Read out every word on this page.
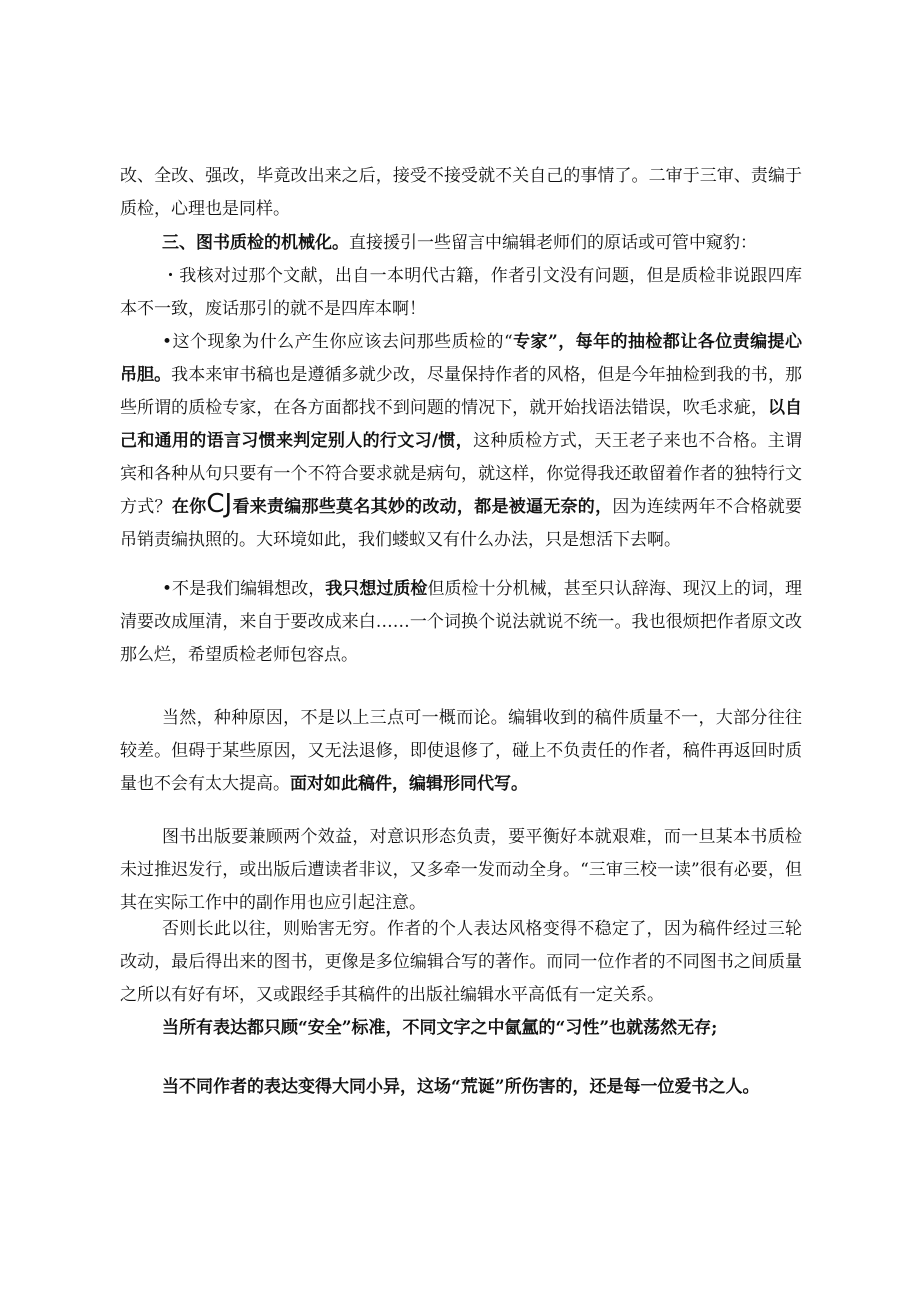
改、全改、强改，毕竟改出来之后，接受不接受就不关自己的事情了。二审于三审、责编于质检，心理也是同样。

三、图书质检的机械化。直接援引一些留言中编辑老师们的原话或可管中窥豹：

・我核对过那个文献，出自一本明代古籍，作者引文没有问题，但是质检非说跟四库本不一致，废话那引的就不是四库本啊！

•这个现象为什么产生你应该去问那些质检的“专家”，每年的抽检都让各位责编提心吊胆。我本来审书稿也是遵循多就少改，尽量保持作者的风格，但是今年抽检到我的书，那些所谓的质检专家，在各方面都找不到问题的情况下，就开始找语法错误，吹毛求疵，以自己和通用的语言习惯来判定别人的行文习/惯，这种质检方式，天王老子来也不合格。主谓宾和各种从句只要有一个不符合要求就是病句，就这样，你觉得我还敢留着作者的独特行文方式？在你CJ看来责编那些莫名其妙的改动，都是被逼无奈的，因为连续两年不合格就要吊销责编执照的。大环境如此，我们蝼蚁又有什么办法，只是想活下去啊。

•不是我们编辑想改，我只想过质检但质检十分机械，甚至只认辞海、现汉上的词，理清要改成厘清，来自于要改成来白……一个词换个说法就说不统一。我也很烦把作者原文改那么烂，希望质检老师包容点。

当然，种种原因，不是以上三点可一概而论。编辑收到的稿件质量不一，大部分往往较差。但碍于某些原因，又无法退修，即使退修了，碰上不负责任的作者，稿件再返回时质量也不会有太大提高。面对如此稿件，编辑形同代写。

图书出版要兼顾两个效益，对意识形态负责，要平衡好本就艰难，而一旦某本书质检未过推迟发行，或出版后遭读者非议，又多牵一发而动全身。“三审三校一读”很有必要，但其在实际工作中的副作用也应引起注意。

否则长此以往，则贻害无穷。作者的个人表达风格变得不稳定了，因为稿件经过三轮改动，最后得出来的图书，更像是多位编辑合写的著作。而同一位作者的不同图书之间质量之所以有好有坏，又或跟经手其稿件的出版社编辑水平高低有一定关系。

当所有表达都只顾“安全”标准，不同文字之中氤氲的“习性”也就荡然无存;

当不同作者的表达变得大同小异，这场“荒诞”所伤害的，还是每一位爱书之人。
